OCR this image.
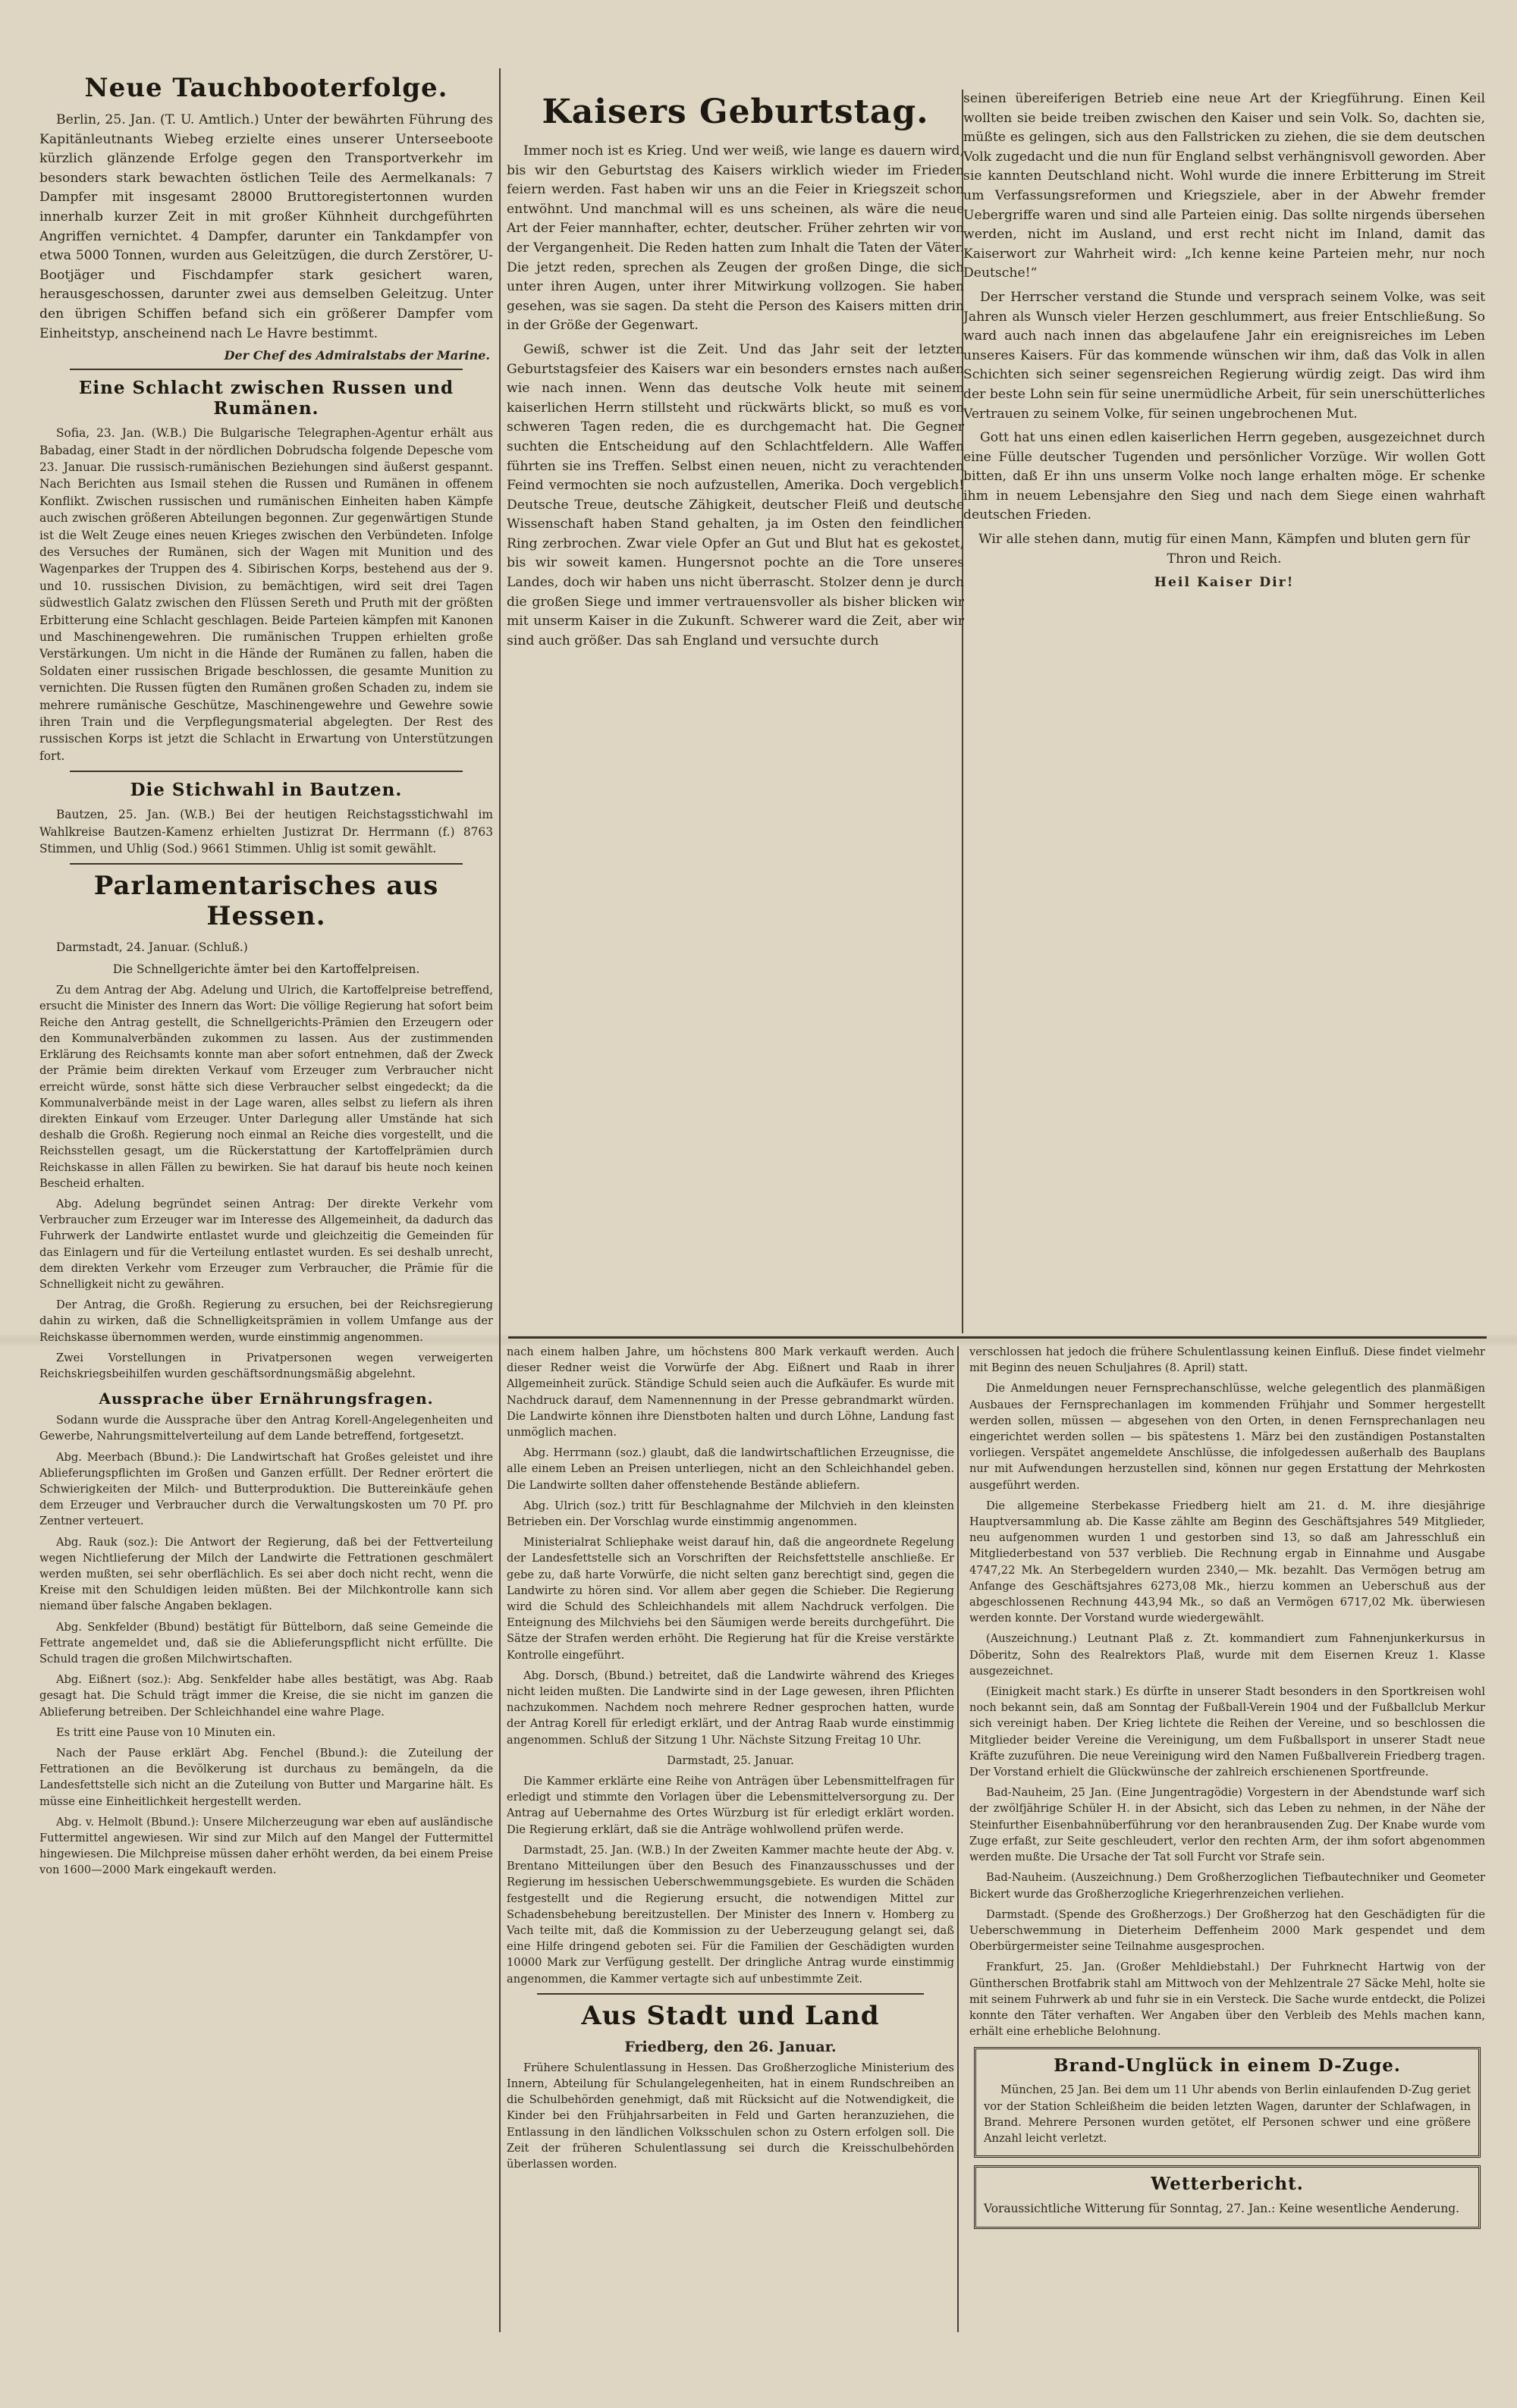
Neue Tauchbooterfolge.

Berlin, 25. Jan. (T. U. Amtlich.) Unter der bewährten Führung des Kapitänleutnants Wiebeg erzielte eines unserer Unterseeboote kürzlich glänzende Erfolge gegen den Transportverkehr im besonders stark bewachten östlichen Teile des Aermelkanals: 7 Dampfer mit insgesamt 28000 Bruttoregistertonnen wurden innerhalb kurzer Zeit in mit großer Kühnheit durchgeführten Angriffen vernichtet. 4 Dampfer, darunter ein Tankdampfer von etwa 5000 Tonnen, wurden aus Geleitzügen, die durch Zerstörer, U-Bootjäger und Fischdampfer stark gesichert waren, herausgeschossen, darunter zwei aus demselben Geleitzug. Unter den übrigen Schiffen befand sich ein größerer Dampfer vom Einheitstyp, anscheinend nach Le Havre bestimmt.

Der Chef des Admiralstabs der Marine.
Eine Schlacht zwischen Russen und Rumänen.

Sofia, 23. Jan. (W.B.) Die Bulgarische Telegraphen-Agentur erhält aus Babadag, einer Stadt in der nördlichen Dobrudscha folgende Depesche vom 23. Januar. Die russisch-rumänischen Beziehungen sind äußerst gespannt. Nach Berichten aus Ismail stehen die Russen und Rumänen in offenem Konflikt. Zwischen russischen und rumänischen Einheiten haben Kämpfe auch zwischen größeren Abteilungen begonnen. Zur gegenwärtigen Stunde ist die Welt Zeuge eines neuen Krieges zwischen den Verbündeten. Infolge des Versuches der Rumänen, sich der Wagen mit Munition und des Wagenparkes der Truppen des 4. Sibirischen Korps, bestehend aus der 9. und 10. russischen Division, zu bemächtigen, wird seit drei Tagen südwestlich Galatz zwischen den Flüssen Sereth und Pruth mit der größten Erbitterung eine Schlacht geschlagen. Beide Parteien kämpfen mit Kanonen und Maschinengewehren. Die rumänischen Truppen erhielten große Verstärkungen. Um nicht in die Hände der Rumänen zu fallen, haben die Soldaten einer russischen Brigade beschlossen, die gesamte Munition zu vernichten. Die Russen fügten den Rumänen großen Schaden zu, indem sie mehrere rumänische Geschütze, Maschinengewehre und Gewehre sowie ihren Train und die Verpflegungsmaterial abgelegten. Der Rest des russischen Korps ist jetzt die Schlacht in Erwartung von Unterstützungen fort.

Die Stichwahl in Bautzen.

Bautzen, 25. Jan. (W.B.) Bei der heutigen Reichstagsstichwahl im Wahlkreise Bautzen-Kamenz erhielten Justizrat Dr. Herrmann (f.) 8763 Stimmen, und Uhlig (Sod.) 9661 Stimmen. Uhlig ist somit gewählt.

Parlamentarisches aus Hessen.

Darmstadt, 24. Januar. (Schluß.)

Die Schnellgerichte ämter bei den Kartoffelpreisen.

Zu dem Antrag der Abg. Adelung und Ulrich, die Kartoffelpreise betreffend, ersucht die Minister des Innern das Wort: Die völlige Regierung hat sofort beim Reiche den Antrag gestellt, die Schnellgerichts-Prämien den Erzeugern oder den Kommunalverbänden zukommen zu lassen. Aus der zustimmenden Erklärung des Reichsamts konnte man aber sofort entnehmen, daß der Zweck der Prämie beim direkten Verkauf vom Erzeuger zum Verbraucher nicht erreicht würde, sonst hätte sich diese Verbraucher selbst eingedeckt; da die Kommunalverbände meist in der Lage waren, alles selbst zu liefern als ihren direkten Einkauf vom Erzeuger. Unter Darlegung aller Umstände hat sich deshalb die Großh. Regierung noch einmal an Reiche dies vorgestellt, und die Reichsstellen gesagt, um die Rückerstattung der Kartoffelprämien durch Reichskasse in allen Fällen zu bewirken. Sie hat darauf bis heute noch keinen Bescheid erhalten.

Abg. Adelung begründet seinen Antrag: Der direkte Verkehr vom Verbraucher zum Erzeuger war im Interesse des Allgemeinheit, da dadurch das Fuhrwerk der Landwirte entlastet wurde und gleichzeitig die Gemeinden für das Einlagern und für die Verteilung entlastet wurden. Es sei deshalb unrecht, dem direkten Verkehr vom Erzeuger zum Verbraucher, die Prämie für die Schnelligkeit nicht zu gewähren.

Der Antrag, die Großh. Regierung zu ersuchen, bei der Reichsregierung dahin zu wirken, daß die Schnelligkeitsprämien in vollem Umfange aus der Reichskasse übernommen werden, wurde einstimmig angenommen.

Zwei Vorstellungen in Privatpersonen wegen verweigerten Reichskriegsbeihilfen wurden geschäftsordnungsmäßig abgelehnt.

Aussprache über Ernährungsfragen.

Sodann wurde die Aussprache über den Antrag Korell-Angelegenheiten und Gewerbe, Nahrungsmittelverteilung auf dem Lande betreffend, fortgesetzt.

Abg. Meerbach (Bbund.): Die Landwirtschaft hat Großes geleistet und ihre Ablieferungspflichten im Großen und Ganzen erfüllt. Der Redner erörtert die Schwierigkeiten der Milch- und Butterproduktion. Die Buttereinkäufe gehen dem Erzeuger und Verbraucher durch die Verwaltungskosten um 70 Pf. pro Zentner verteuert.

Abg. Rauk (soz.): Die Antwort der Regierung, daß bei der Fettverteilung wegen Nichtlieferung der Milch der Landwirte die Fettrationen geschmälert werden mußten, sei sehr oberflächlich. Es sei aber doch nicht recht, wenn die Kreise mit den Schuldigen leiden müßten. Bei der Milchkontrolle kann sich niemand über falsche Angaben beklagen.

Abg. Senkfelder (Bbund) bestätigt für Büttelborn, daß seine Gemeinde die Fettrate angemeldet und, daß sie die Ablieferungspflicht nicht erfüllte. Die Schuld tragen die großen Milchwirtschaften.

Abg. Eißnert (soz.): Abg. Senkfelder habe alles bestätigt, was Abg. Raab gesagt hat. Die Schuld trägt immer die Kreise, die sie nicht im ganzen die Ablieferung betreiben. Der Schleichhandel eine wahre Plage.

Es tritt eine Pause von 10 Minuten ein.

Nach der Pause erklärt Abg. Fenchel (Bbund.): die Zuteilung der Fettrationen an die Bevölkerung ist durchaus zu bemängeln, da die Landesfettstelle sich nicht an die Zuteilung von Butter und Margarine hält. Es müsse eine Einheitlichkeit hergestellt werden.

Abg. v. Helmolt (Bbund.): Unsere Milcherzeugung war eben auf ausländische Futtermittel angewiesen. Wir sind zur Milch auf den Mangel der Futtermittel hingewiesen. Die Milchpreise müssen daher erhöht werden, da bei einem Preise von 1600—2000 Mark eingekauft werden.

Kaisers Geburtstag.

Immer noch ist es Krieg. Und wer weiß, wie lange es dauern wird, bis wir den Geburtstag des Kaisers wirklich wieder im Frieden feiern werden. Fast haben wir uns an die Feier in Kriegszeit schon entwöhnt. Und manchmal will es uns scheinen, als wäre die neue Art der Feier mannhafter, echter, deutscher. Früher zehrten wir von der Vergangenheit. Die Reden hatten zum Inhalt die Taten der Väter. Die jetzt reden, sprechen als Zeugen der großen Dinge, die sich unter ihren Augen, unter ihrer Mitwirkung vollzogen. Sie haben gesehen, was sie sagen. Da steht die Person des Kaisers mitten drin in der Größe der Gegenwart.

Gewiß, schwer ist die Zeit. Und das Jahr seit der letzten Geburtstagsfeier des Kaisers war ein besonders ernstes nach außen wie nach innen. Wenn das deutsche Volk heute mit seinem kaiserlichen Herrn stillsteht und rückwärts blickt, so muß es von schweren Tagen reden, die es durchgemacht hat. Die Gegner suchten die Entscheidung auf den Schlachtfeldern. Alle Waffen führten sie ins Treffen. Selbst einen neuen, nicht zu verachtenden Feind vermochten sie noch aufzustellen, Amerika. Doch vergeblich! Deutsche Treue, deutsche Zähigkeit, deutscher Fleiß und deutsche Wissenschaft haben Stand gehalten, ja im Osten den feindlichen Ring zerbrochen. Zwar viele Opfer an Gut und Blut hat es gekostet, bis wir soweit kamen. Hungersnot pochte an die Tore unseres Landes, doch wir haben uns nicht überrascht. Stolzer denn je durch die großen Siege und immer vertrauensvoller als bisher blicken wir mit unserm Kaiser in die Zukunft. Schwerer ward die Zeit, aber wir sind auch größer. Das sah England und versuchte durch

seinen übereiferigen Betrieb eine neue Art der Kriegführung. Einen Keil wollten sie beide treiben zwischen den Kaiser und sein Volk. So, dachten sie, müßte es gelingen, sich aus den Fallstricken zu ziehen, die sie dem deutschen Volk zugedacht und die nun für England selbst verhängnisvoll geworden. Aber sie kannten Deutschland nicht. Wohl wurde die innere Erbitterung im Streit um Verfassungsreformen und Kriegsziele, aber in der Abwehr fremder Uebergriffe waren und sind alle Parteien einig. Das sollte nirgends übersehen werden, nicht im Ausland, und erst recht nicht im Inland, damit das Kaiserwort zur Wahrheit wird: „Ich kenne keine Parteien mehr, nur noch Deutsche!“

Der Herrscher verstand die Stunde und versprach seinem Volke, was seit Jahren als Wunsch vieler Herzen geschlummert, aus freier Entschließung. So ward auch nach innen das abgelaufene Jahr ein ereignisreiches im Leben unseres Kaisers. Für das kommende wünschen wir ihm, daß das Volk in allen Schichten sich seiner segensreichen Regierung würdig zeigt. Das wird ihm der beste Lohn sein für seine unermüdliche Arbeit, für sein unerschütterliches Vertrauen zu seinem Volke, für seinen ungebrochenen Mut.

Gott hat uns einen edlen kaiserlichen Herrn gegeben, ausgezeichnet durch eine Fülle deutscher Tugenden und persönlicher Vorzüge. Wir wollen Gott bitten, daß Er ihn uns unserm Volke noch lange erhalten möge. Er schenke ihm in neuem Lebensjahre den Sieg und nach dem Siege einen wahrhaft deutschen Frieden.

Wir alle stehen dann, mutig für einen Mann, Kämpfen und bluten gern für Thron und Reich.

Heil Kaiser Dir!

nach einem halben Jahre, um höchstens 800 Mark verkauft werden. Auch dieser Redner weist die Vorwürfe der Abg. Eißnert und Raab in ihrer Allgemeinheit zurück. Ständige Schuld seien auch die Aufkäufer. Es wurde mit Nachdruck darauf, dem Namennennung in der Presse gebrandmarkt würden. Die Landwirte können ihre Dienstboten halten und durch Löhne, Landung fast unmöglich machen.

Abg. Herrmann (soz.) glaubt, daß die landwirtschaftlichen Erzeugnisse, die alle einem Leben an Preisen unterliegen, nicht an den Schleichhandel geben. Die Landwirte sollten daher offenstehende Bestände abliefern.

Abg. Ulrich (soz.) tritt für Beschlagnahme der Milchvieh in den kleinsten Betrieben ein. Der Vorschlag wurde einstimmig angenommen.

Ministerialrat Schliephake weist darauf hin, daß die angeordnete Regelung der Landesfettstelle sich an Vorschriften der Reichsfettstelle anschließe. Er gebe zu, daß harte Vorwürfe, die nicht selten ganz berechtigt sind, gegen die Landwirte zu hören sind. Vor allem aber gegen die Schieber. Die Regierung wird die Schuld des Schleichhandels mit allem Nachdruck verfolgen. Die Enteignung des Milchviehs bei den Säumigen werde bereits durchgeführt. Die Sätze der Strafen werden erhöht. Die Regierung hat für die Kreise verstärkte Kontrolle eingeführt.

Abg. Dorsch, (Bbund.) betreitet, daß die Landwirte während des Krieges nicht leiden mußten. Die Landwirte sind in der Lage gewesen, ihren Pflichten nachzukommen. Nachdem noch mehrere Redner gesprochen hatten, wurde der Antrag Korell für erledigt erklärt, und der Antrag Raab wurde einstimmig angenommen. Schluß der Sitzung 1 Uhr. Nächste Sitzung Freitag 10 Uhr.

Darmstadt, 25. Januar.

Die Kammer erklärte eine Reihe von Anträgen über Lebensmittelfragen für erledigt und stimmte den Vorlagen über die Lebensmittelversorgung zu. Der Antrag auf Uebernahme des Ortes Würzburg ist für erledigt erklärt worden. Die Regierung erklärt, daß sie die Anträge wohlwollend prüfen werde.

Darmstadt, 25. Jan. (W.B.) In der Zweiten Kammer machte heute der Abg. v. Brentano Mitteilungen über den Besuch des Finanzausschusses und der Regierung im hessischen Ueberschwemmungsgebiete. Es wurden die Schäden festgestellt und die Regierung ersucht, die notwendigen Mittel zur Schadensbehebung bereitzustellen. Der Minister des Innern v. Homberg zu Vach teilte mit, daß die Kommission zu der Ueberzeugung gelangt sei, daß eine Hilfe dringend geboten sei. Für die Familien der Geschädigten wurden 10000 Mark zur Verfügung gestellt. Der dringliche Antrag wurde einstimmig angenommen, die Kammer vertagte sich auf unbestimmte Zeit.

Aus Stadt und Land
Friedberg, den 26. Januar.

Frühere Schulentlassung in Hessen. Das Großherzogliche Ministerium des Innern, Abteilung für Schulangelegenheiten, hat in einem Rundschreiben an die Schulbehörden genehmigt, daß mit Rücksicht auf die Notwendigkeit, die Kinder bei den Frühjahrsarbeiten in Feld und Garten heranzuziehen, die Entlassung in den ländlichen Volksschulen schon zu Ostern erfolgen soll. Die Zeit der früheren Schulentlassung sei durch die Kreisschulbehörden überlassen worden.

verschlossen hat jedoch die frühere Schulentlassung keinen Einfluß. Diese findet vielmehr mit Beginn des neuen Schuljahres (8. April) statt.

Die Anmeldungen neuer Fernsprechanschlüsse, welche gelegentlich des planmäßigen Ausbaues der Fernsprechanlagen im kommenden Frühjahr und Sommer hergestellt werden sollen, müssen — abgesehen von den Orten, in denen Fernsprechanlagen neu eingerichtet werden sollen — bis spätestens 1. März bei den zuständigen Postanstalten vorliegen. Verspätet angemeldete Anschlüsse, die infolgedessen außerhalb des Bauplans nur mit Aufwendungen herzustellen sind, können nur gegen Erstattung der Mehrkosten ausgeführt werden.

Die allgemeine Sterbekasse Friedberg hielt am 21. d. M. ihre diesjährige Hauptversammlung ab. Die Kasse zählte am Beginn des Geschäftsjahres 549 Mitglieder, neu aufgenommen wurden 1 und gestorben sind 13, so daß am Jahresschluß ein Mitgliederbestand von 537 verblieb. Die Rechnung ergab in Einnahme und Ausgabe 4747,22 Mk. An Sterbegeldern wurden 2340,— Mk. bezahlt. Das Vermögen betrug am Anfange des Geschäftsjahres 6273,08 Mk., hierzu kommen an Ueberschuß aus der abgeschlossenen Rechnung 443,94 Mk., so daß an Vermögen 6717,02 Mk. überwiesen werden konnte. Der Vorstand wurde wiedergewählt.

(Auszeichnung.) Leutnant Plaß z. Zt. kommandiert zum Fahnenjunkerkursus in Döberitz, Sohn des Realrektors Plaß, wurde mit dem Eisernen Kreuz 1. Klasse ausgezeichnet.

(Einigkeit macht stark.) Es dürfte in unserer Stadt besonders in den Sportkreisen wohl noch bekannt sein, daß am Sonntag der Fußball-Verein 1904 und der Fußballclub Merkur sich vereinigt haben. Der Krieg lichtete die Reihen der Vereine, und so beschlossen die Mitglieder beider Vereine die Vereinigung, um dem Fußballsport in unserer Stadt neue Kräfte zuzuführen. Die neue Vereinigung wird den Namen Fußballverein Friedberg tragen. Der Vorstand erhielt die Glückwünsche der zahlreich erschienenen Sportfreunde.

Bad-Nauheim, 25 Jan. (Eine Jungentragödie) Vorgestern in der Abendstunde warf sich der zwölfjährige Schüler H. in der Absicht, sich das Leben zu nehmen, in der Nähe der Steinfurther Eisenbahnüberführung vor den heranbrausenden Zug. Der Knabe wurde vom Zuge erfaßt, zur Seite geschleudert, verlor den rechten Arm, der ihm sofort abgenommen werden mußte. Die Ursache der Tat soll Furcht vor Strafe sein.

Bad-Nauheim. (Auszeichnung.) Dem Großherzoglichen Tiefbautechniker und Geometer Bickert wurde das Großherzogliche Kriegerhrenzeichen verliehen.

Darmstadt. (Spende des Großherzogs.) Der Großherzog hat den Geschädigten für die Ueberschwemmung in Dieterheim Deffenheim 2000 Mark gespendet und dem Oberbürgermeister seine Teilnahme ausgesprochen.

Frankfurt, 25. Jan. (Großer Mehldiebstahl.) Der Fuhrknecht Hartwig von der Güntherschen Brotfabrik stahl am Mittwoch von der Mehlzentrale 27 Säcke Mehl, holte sie mit seinem Fuhrwerk ab und fuhr sie in ein Versteck. Die Sache wurde entdeckt, die Polizei konnte den Täter verhaften. Wer Angaben über den Verbleib des Mehls machen kann, erhält eine erhebliche Belohnung.

Brand-Unglück in einem D-Zuge.

München, 25 Jan. Bei dem um 11 Uhr abends von Berlin einlaufenden D-Zug geriet vor der Station Schleißheim die beiden letzten Wagen, darunter der Schlafwagen, in Brand. Mehrere Personen wurden getötet, elf Personen schwer und eine größere Anzahl leicht verletzt.

Wetterbericht.

Voraussichtliche Witterung für Sonntag, 27. Jan.: Keine wesentliche Aenderung.
